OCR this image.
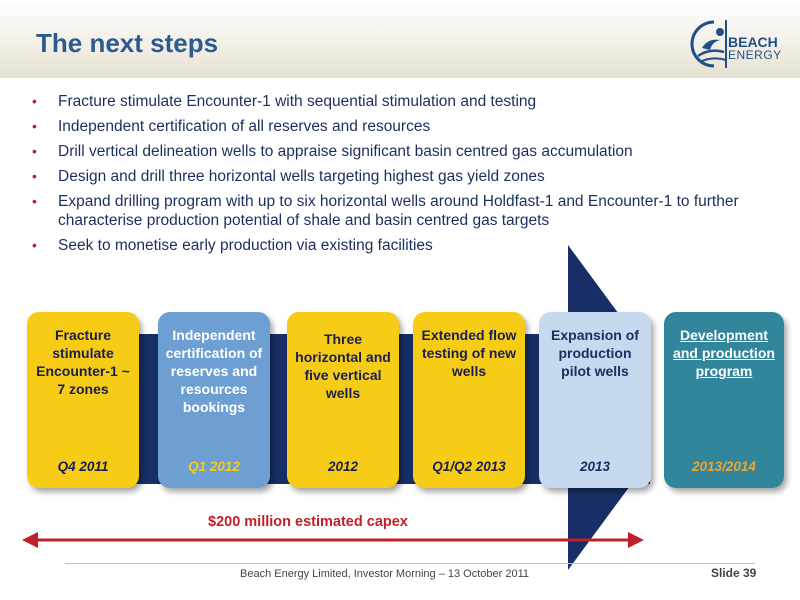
The next steps	BEACH
ENERGY
• Fracture stimulate Encounter-1 with sequential stimulation and testing
• Independent certification of all reserves and resources
• Drill vertical delineation wells to appraise significant basin centred gas accumulation
• Design and drill three horizontal wells targeting highest gas yield zones
• Expand drilling program with up to six horizontal wells around Holdfast-1 and Encounter-1 to further characterise production potential of shale and basin centred gas targets
• Seek to monetise early production via existing facilities
Fracture stimulate Encounter-1 ~ 7 zones
Q4 2011
Independent certification of reserves and resources bookings
Q1 2012
Three horizontal and five vertical wells
2012
Extended flow testing of new wells
Q1/Q2 2013
Expansion of production pilot wells
2013
Development and production program
2013/2014
$200 million estimated capex
Beach Energy Limited, Investor Morning – 13 October 2011	Slide 39
